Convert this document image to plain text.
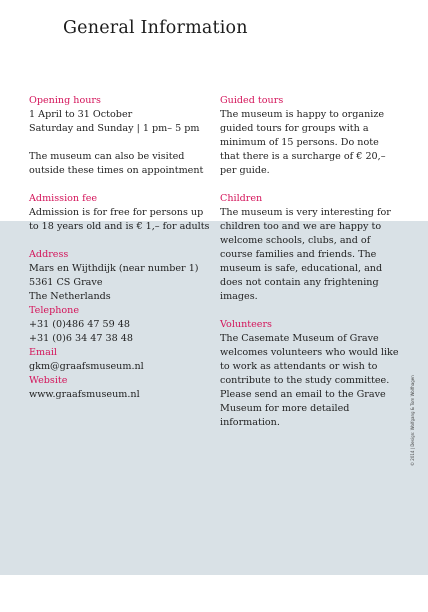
General Information
Opening hours
1 April to 31 October
Saturday and Sunday | 1 pm– 5 pm
The museum can also be visited outside these times on appointment
Admission fee
Admission is for free for persons up to 18 years old and is € 1,– for adults
Address
Mars en Wijthdijk (near number 1)
5361 CS Grave
The Netherlands
Telephone
+31 (0)486 47 59 48
+31 (0)6 34 47 38 48
Email
gkm@graafsmuseum.nl
Website
www.graafsmuseum.nl
Guided tours
The museum is happy to organize guided tours for groups with a minimum of 15 persons. Do note that there is a surcharge of € 20,– per guide.
Children
The museum is very interesting for children too and we are happy to welcome schools, clubs, and of course families and friends. The museum is safe, educational, and does not contain any frightening images.
Volunteers
The Casemate Museum of Grave welcomes volunteers who would like to work as attendants or wish to contribute to the study committee. Please send an email to the Grave Museum for more detailed information.	© 2014 | Design: Wolfgang & Tom Wolfhagen
